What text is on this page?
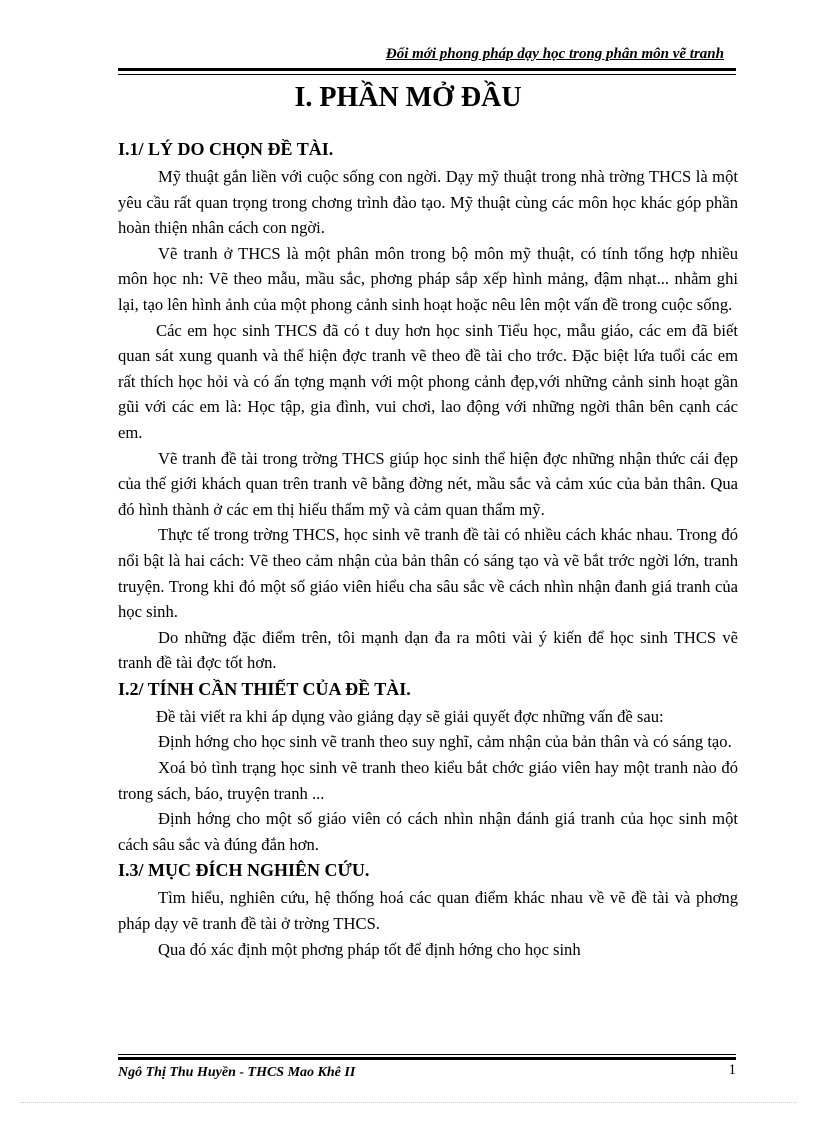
Đổi mới phong pháp dạy học trong phân môn vẽ tranh
I. PHẦN MỞ ĐẦU
I.1/ LÝ DO CHỌN ĐỀ TÀI.

Mỹ thuật gắn liền với cuộc sống con ngời. Dạy mỹ thuật trong nhà trờng THCS là một yêu cầu rất quan trọng trong chơng trình đào tạo. Mỹ thuật cùng các môn học khác góp phần hoàn thiện nhân cách con ngời.

Vẽ tranh ở THCS là một phân môn trong bộ môn mỹ thuật, có tính tổng hợp nhiều môn học nh: Vẽ theo mẫu, mầu sắc, phơng pháp sắp xếp hình mảng, đậm nhạt... nhằm ghi lại, tạo lên hình ảnh của một phong cảnh sinh hoạt hoặc nêu lên một vấn đề trong cuộc sống.

Các em học sinh THCS đã có t duy hơn học sinh Tiểu học, mẫu giáo, các em đã biết quan sát xung quanh và thể hiện đợc tranh vẽ theo đề tài cho trớc. Đặc biệt lứa tuổi các em rất thích học hỏi và có ấn tợng mạnh với một phong cảnh đẹp,với những cảnh sinh hoạt gần gũi với các em là: Học tập, gia đình, vui chơi, lao động với những ngời thân bên cạnh các em.

Vẽ tranh đề tài trong trờng THCS giúp học sinh thể hiện đợc những nhận thức cái đẹp của thế giới khách quan trên tranh vẽ bằng đờng nét, mầu sắc và cảm xúc của bản thân. Qua đó hình thành ở các em thị hiếu thẩm mỹ và cảm quan thẩm mỹ.

Thực tế trong trờng THCS, học sinh vẽ tranh đề tài có nhiều cách khác nhau. Trong đó nổi bật là hai cách: Vẽ theo cảm nhận của bản thân có sáng tạo và vẽ bắt trớc ngời lớn, tranh truyện. Trong khi đó một số giáo viên hiểu cha sâu sắc về cách nhìn nhận đanh giá tranh của học sinh.

Do những đặc điểm trên, tôi mạnh dạn đa ra môti vài ý kiến để học sinh THCS vẽ tranh đề tài đợc tốt hơn.

I.2/ TÍNH CẦN THIẾT CỦA ĐỀ TÀI.

Đề tài viết ra khi áp dụng vào giảng dạy sẽ giải quyết đợc những vấn đề sau:

Định hớng cho học sinh vẽ tranh theo suy nghĩ, cảm nhận của bản thân và có sáng tạo.

Xoá bỏ tình trạng học sinh vẽ tranh theo kiểu bắt chớc giáo viên hay một tranh nào đó trong sách, báo, truyện tranh ...

Định hớng cho một số giáo viên có cách nhìn nhận đánh giá tranh của học sinh một cách sâu sắc và đúng đắn hơn.

I.3/ MỤC ĐÍCH NGHIÊN CỨU.

Tìm hiểu, nghiên cứu, hệ thống hoá các quan điểm khác nhau về vẽ đề tài và phơng pháp dạy vẽ tranh đề tài ở trờng THCS.

Qua đó xác định một phơng pháp tốt để định hớng cho học sinh

Ngô Thị Thu Huyền - THCS Mao Khê II	1
